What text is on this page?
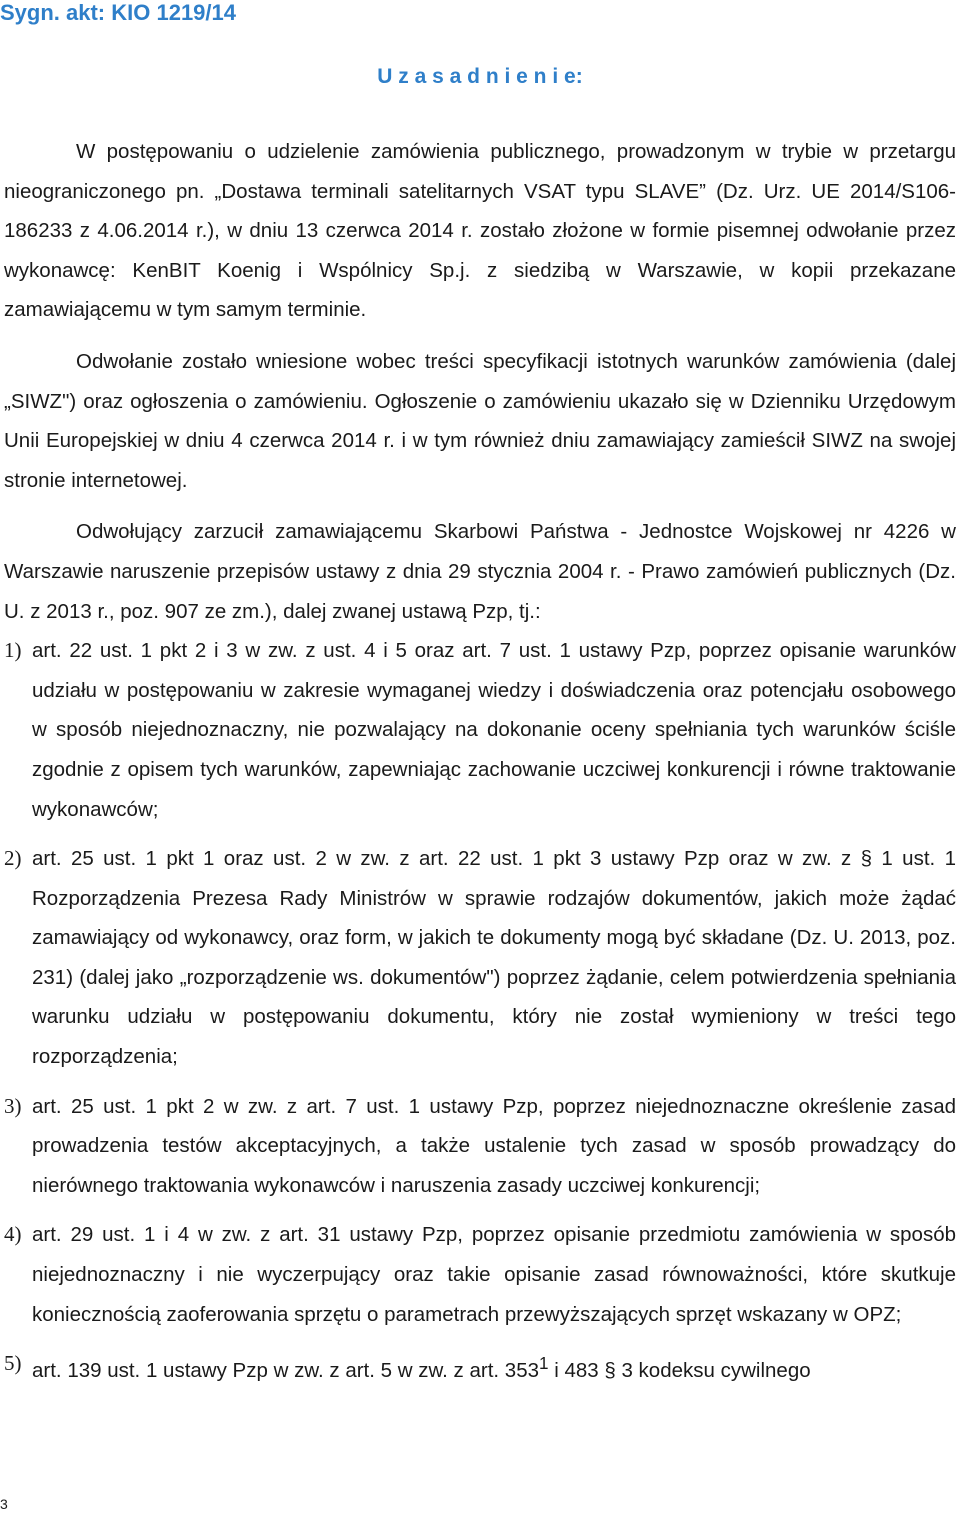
Sygn. akt: KIO 1219/14
U z a s a d n i e n i e:

W postępowaniu o udzielenie zamówienia publicznego, prowadzonym w trybie w przetargu nieograniczonego pn. „Dostawa terminali satelitarnych VSAT typu SLAVE” (Dz. Urz. UE 2014/S106-186233 z 4.06.2014 r.), w dniu 13 czerwca 2014 r. zostało złożone w formie pisemnej odwołanie przez wykonawcę: KenBIT Koenig i Wspólnicy Sp.j. z siedzibą w Warszawie, w kopii przekazane zamawiającemu w tym samym terminie.

Odwołanie zostało wniesione wobec treści specyfikacji istotnych warunków zamówienia (dalej „SIWZ") oraz ogłoszenia o zamówieniu. Ogłoszenie o zamówieniu ukazało się w Dzienniku Urzędowym Unii Europejskiej w dniu 4 czerwca 2014 r. i w tym również dniu zamawiający zamieścił SIWZ na swojej stronie internetowej.

Odwołujący zarzucił zamawiającemu Skarbowi Państwa - Jednostce Wojskowej nr 4226 w Warszawie naruszenie przepisów ustawy z dnia 29 stycznia 2004 r. - Prawo zamówień publicznych (Dz. U. z 2013 r., poz. 907 ze zm.), dalej zwanej ustawą Pzp, tj.:

1) art. 22 ust. 1 pkt 2 i 3 w zw. z ust. 4 i 5 oraz art. 7 ust. 1 ustawy Pzp, poprzez opisanie warunków udziału w postępowaniu w zakresie wymaganej wiedzy i doświadczenia oraz potencjału osobowego w sposób niejednoznaczny, nie pozwalający na dokonanie oceny spełniania tych warunków ściśle zgodnie z opisem tych warunków, zapewniając zachowanie uczciwej konkurencji i równe traktowanie wykonawców;
2) art. 25 ust. 1 pkt 1 oraz ust. 2 w zw. z art. 22 ust. 1 pkt 3 ustawy Pzp oraz w zw. z § 1 ust. 1 Rozporządzenia Prezesa Rady Ministrów w sprawie rodzajów dokumentów, jakich może żądać zamawiający od wykonawcy, oraz form, w jakich te dokumenty mogą być składane (Dz. U. 2013, poz. 231) (dalej jako „rozporządzenie ws. dokumentów") poprzez żądanie, celem potwierdzenia spełniania warunku udziału w postępowaniu dokumentu, który nie został wymieniony w treści tego rozporządzenia;
3) art. 25 ust. 1 pkt 2 w zw. z art. 7 ust. 1 ustawy Pzp, poprzez niejednoznaczne określenie zasad prowadzenia testów akceptacyjnych, a także ustalenie tych zasad w sposób prowadzący do nierównego traktowania wykonawców i naruszenia zasady uczciwej konkurencji;
4) art. 29 ust. 1 i 4 w zw. z art. 31 ustawy Pzp, poprzez opisanie przedmiotu zamówienia w sposób niejednoznaczny i nie wyczerpujący oraz takie opisanie zasad równoważności, które skutkuje koniecznością zaoferowania sprzętu o parametrach przewyższających sprzęt wskazany w OPZ;
5) art. 139 ust. 1 ustawy Pzp w zw. z art. 5 w zw. z art. $353^1$ i 483 § 3 kodeksu cywilnego
3
